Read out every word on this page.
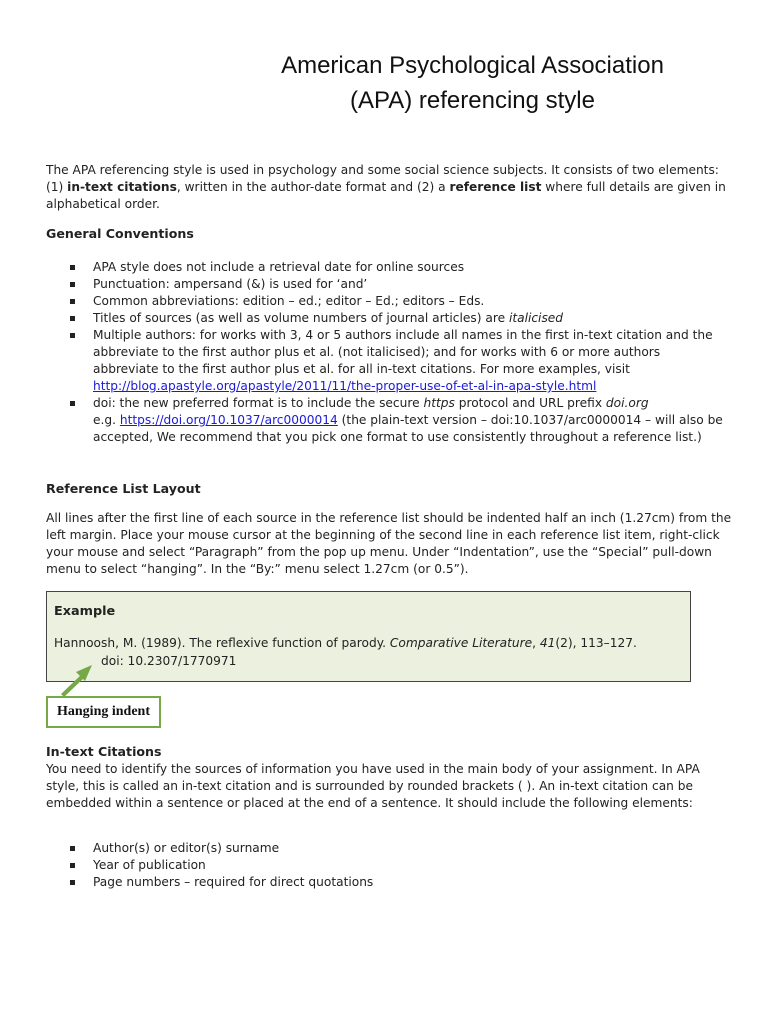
American Psychological Association
(APA) referencing style

The APA referencing style is used in psychology and some social science subjects. It consists of two elements: (1) in-text citations, written in the author-date format and (2) a reference list where full details are given in alphabetical order.

General Conventions
APA style does not include a retrieval date for online sources
Punctuation: ampersand (&) is used for ‘and’
Common abbreviations: edition – ed.; editor – Ed.; editors – Eds.
Titles of sources (as well as volume numbers of journal articles) are italicised
Multiple authors: for works with 3, 4 or 5 authors include all names in the first in-text citation and the abbreviate to the first author plus et al. (not italicised); and for works with 6 or more authors abbreviate to the first author plus et al. for all in-text citations. For more examples, visit http://blog.apastyle.org/apastyle/2011/11/the-proper-use-of-et-al-in-apa-style.html
doi: the new preferred format is to include the secure https protocol and URL prefix doi.org
e.g. https://doi.org/10.1037/arc0000014 (the plain-text version – doi:10.1037/arc0000014 – will also be accepted, We recommend that you pick one format to use consistently throughout a reference list.)
Reference List Layout

All lines after the first line of each source in the reference list should be indented half an inch (1.27cm) from the left margin. Place your mouse cursor at the beginning of the second line in each reference list item, right-click your mouse and select “Paragraph” from the pop up menu. Under “Indentation”, use the “Special” pull-down menu to select “hanging”. In the “By:” menu select 1.27cm (or 0.5”).

Example
Hannoosh, M. (1989). The reflexive function of parody. Comparative Literature, 41(2), 113–127.
doi: 10.2307/1770971
Hanging indent
In-text Citations

You need to identify the sources of information you have used in the main body of your assignment. In APA style, this is called an in-text citation and is surrounded by rounded brackets ( ). An in-text citation can be embedded within a sentence or placed at the end of a sentence. It should include the following elements:

Author(s) or editor(s) surname
Year of publication
Page numbers – required for direct quotations
